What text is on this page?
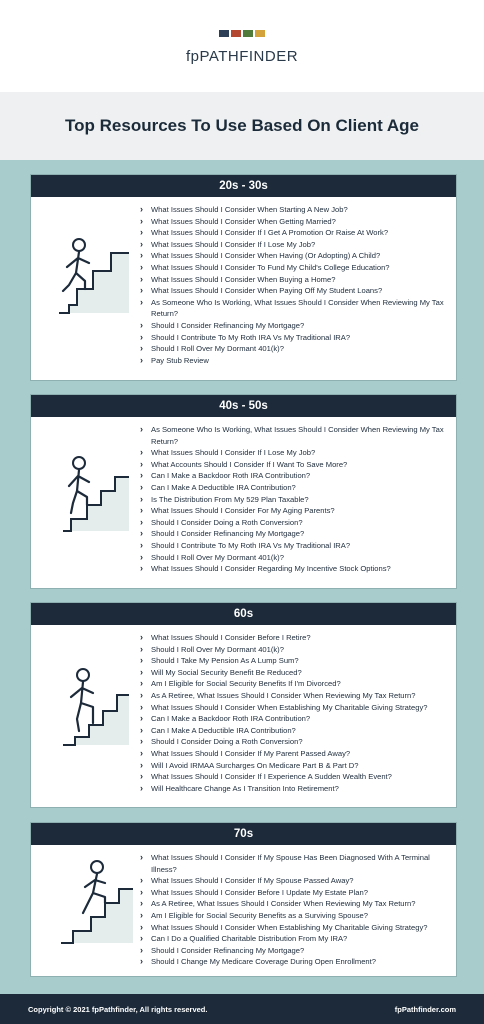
fpPATHFINDER
Top Resources To Use Based On Client Age
20s - 30s
› What Issues Should I Consider When Starting A New Job?
› What Issues Should I Consider When Getting Married?
› What Issues Should I Consider If I Get A Promotion Or Raise At Work?
› What Issues Should I Consider If I Lose My Job?
› What Issues Should I Consider When Having (Or Adopting) A Child?
› What Issues Should I Consider To Fund My Child's College Education?
› What Issues Should I Consider When Buying a Home?
› What Issues Should I Consider When Paying Off My Student Loans?
› As Someone Who Is Working, What Issues Should I Consider When Reviewing My Tax Return?
› Should I Consider Refinancing My Mortgage?
› Should I Contribute To My Roth IRA Vs My Traditional IRA?
› Should I Roll Over My Dormant 401(k)?
› Pay Stub Review
40s - 50s
› As Someone Who Is Working, What Issues Should I Consider When Reviewing My Tax Return?
› What Issues Should I Consider If I Lose My Job?
› What Accounts Should I Consider If I Want To Save More?
› Can I Make a Backdoor Roth IRA Contribution?
› Can I Make A Deductible IRA Contribution?
› Is The Distribution From My 529 Plan Taxable?
› What Issues Should I Consider For My Aging Parents?
› Should I Consider Doing a Roth Conversion?
› Should I Consider Refinancing My Mortgage?
› Should I Contribute To My Roth IRA Vs My Traditional IRA?
› Should I Roll Over My Dormant 401(k)?
› What Issues Should I Consider Regarding My Incentive Stock Options?
60s
› What Issues Should I Consider Before I Retire?
› Should I Roll Over My Dormant 401(k)?
› Should I Take My Pension As A Lump Sum?
› Will My Social Security Benefit Be Reduced?
› Am I Eligible for Social Security Benefits If I'm Divorced?
› As A Retiree, What Issues Should I Consider When Reviewing My Tax Return?
› What Issues Should I Consider When Establishing My Charitable Giving Strategy?
› Can I Make a Backdoor Roth IRA Contribution?
› Can I Make A Deductible IRA Contribution?
› Should I Consider Doing a Roth Conversion?
› What Issues Should I Consider If My Parent Passed Away?
› Will I Avoid IRMAA Surcharges On Medicare Part B & Part D?
› What Issues Should I Consider If I Experience A Sudden Wealth Event?
› Will Healthcare Change As I Transition Into Retirement?
70s
› What Issues Should I Consider If My Spouse Has Been Diagnosed With A Terminal Illness?
› What Issues Should I Consider If My Spouse Passed Away?
› What Issues Should I Consider Before I Update My Estate Plan?
› As A Retiree, What Issues Should I Consider When Reviewing My Tax Return?
› Am I Eligible for Social Security Benefits as a Surviving Spouse?
› What Issues Should I Consider When Establishing My Charitable Giving Strategy?
› Can I Do a Qualified Charitable Distribution From My IRA?
› Should I Consider Refinancing My Mortgage?
› Should I Change My Medicare Coverage During Open Enrollment?
Copyright © 2021 fpPathfinder, All rights reserved.	fpPathfinder.com
